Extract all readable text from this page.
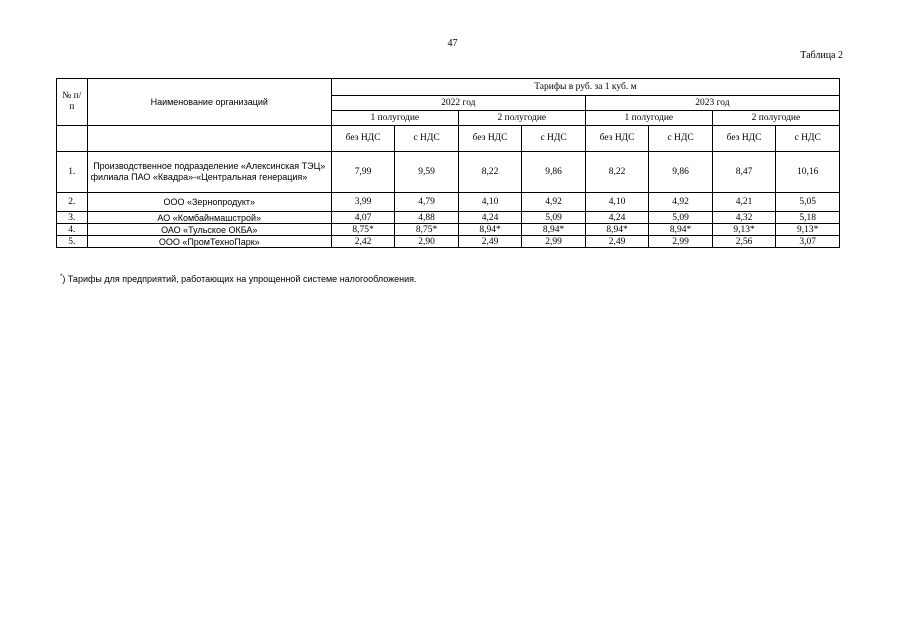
47
Таблица 2
№ п/п	Наименование организаций	Тарифы в руб. за 1 куб. м							
		2022 год				2023 год			
		1 полугодие		2 полугодие		1 полугодие		2 полугодие	
		без НДС	с НДС	без НДС	с НДС	без НДС	с НДС	без НДС	с НДС
1.	Производственное подразделение «Алексинская ТЭЦ» филиала ПАО «Квадра»-«Центральная генерация»	7,99	9,59	8,22	9,86	8,22	9,86	8,47	10,16
2.	ООО «Зернопродукт»	3,99	4,79	4,10	4,92	4,10	4,92	4,21	5,05
3.	АО «Комбайнмашстрой»	4,07	4,88	4,24	5,09	4,24	5,09	4,32	5,18
4.	ОАО «Тульское ОКБА»	8,75*	8,75*	8,94*	8,94*	8,94*	8,94*	9,13*	9,13*
5.	ООО «ПромТехноПарк»	2,42	2,90	2,49	2,99	2,49	2,99	2,56	3,07
*) Тарифы для предприятий, работающих на упрощенной системе налогообложения.
